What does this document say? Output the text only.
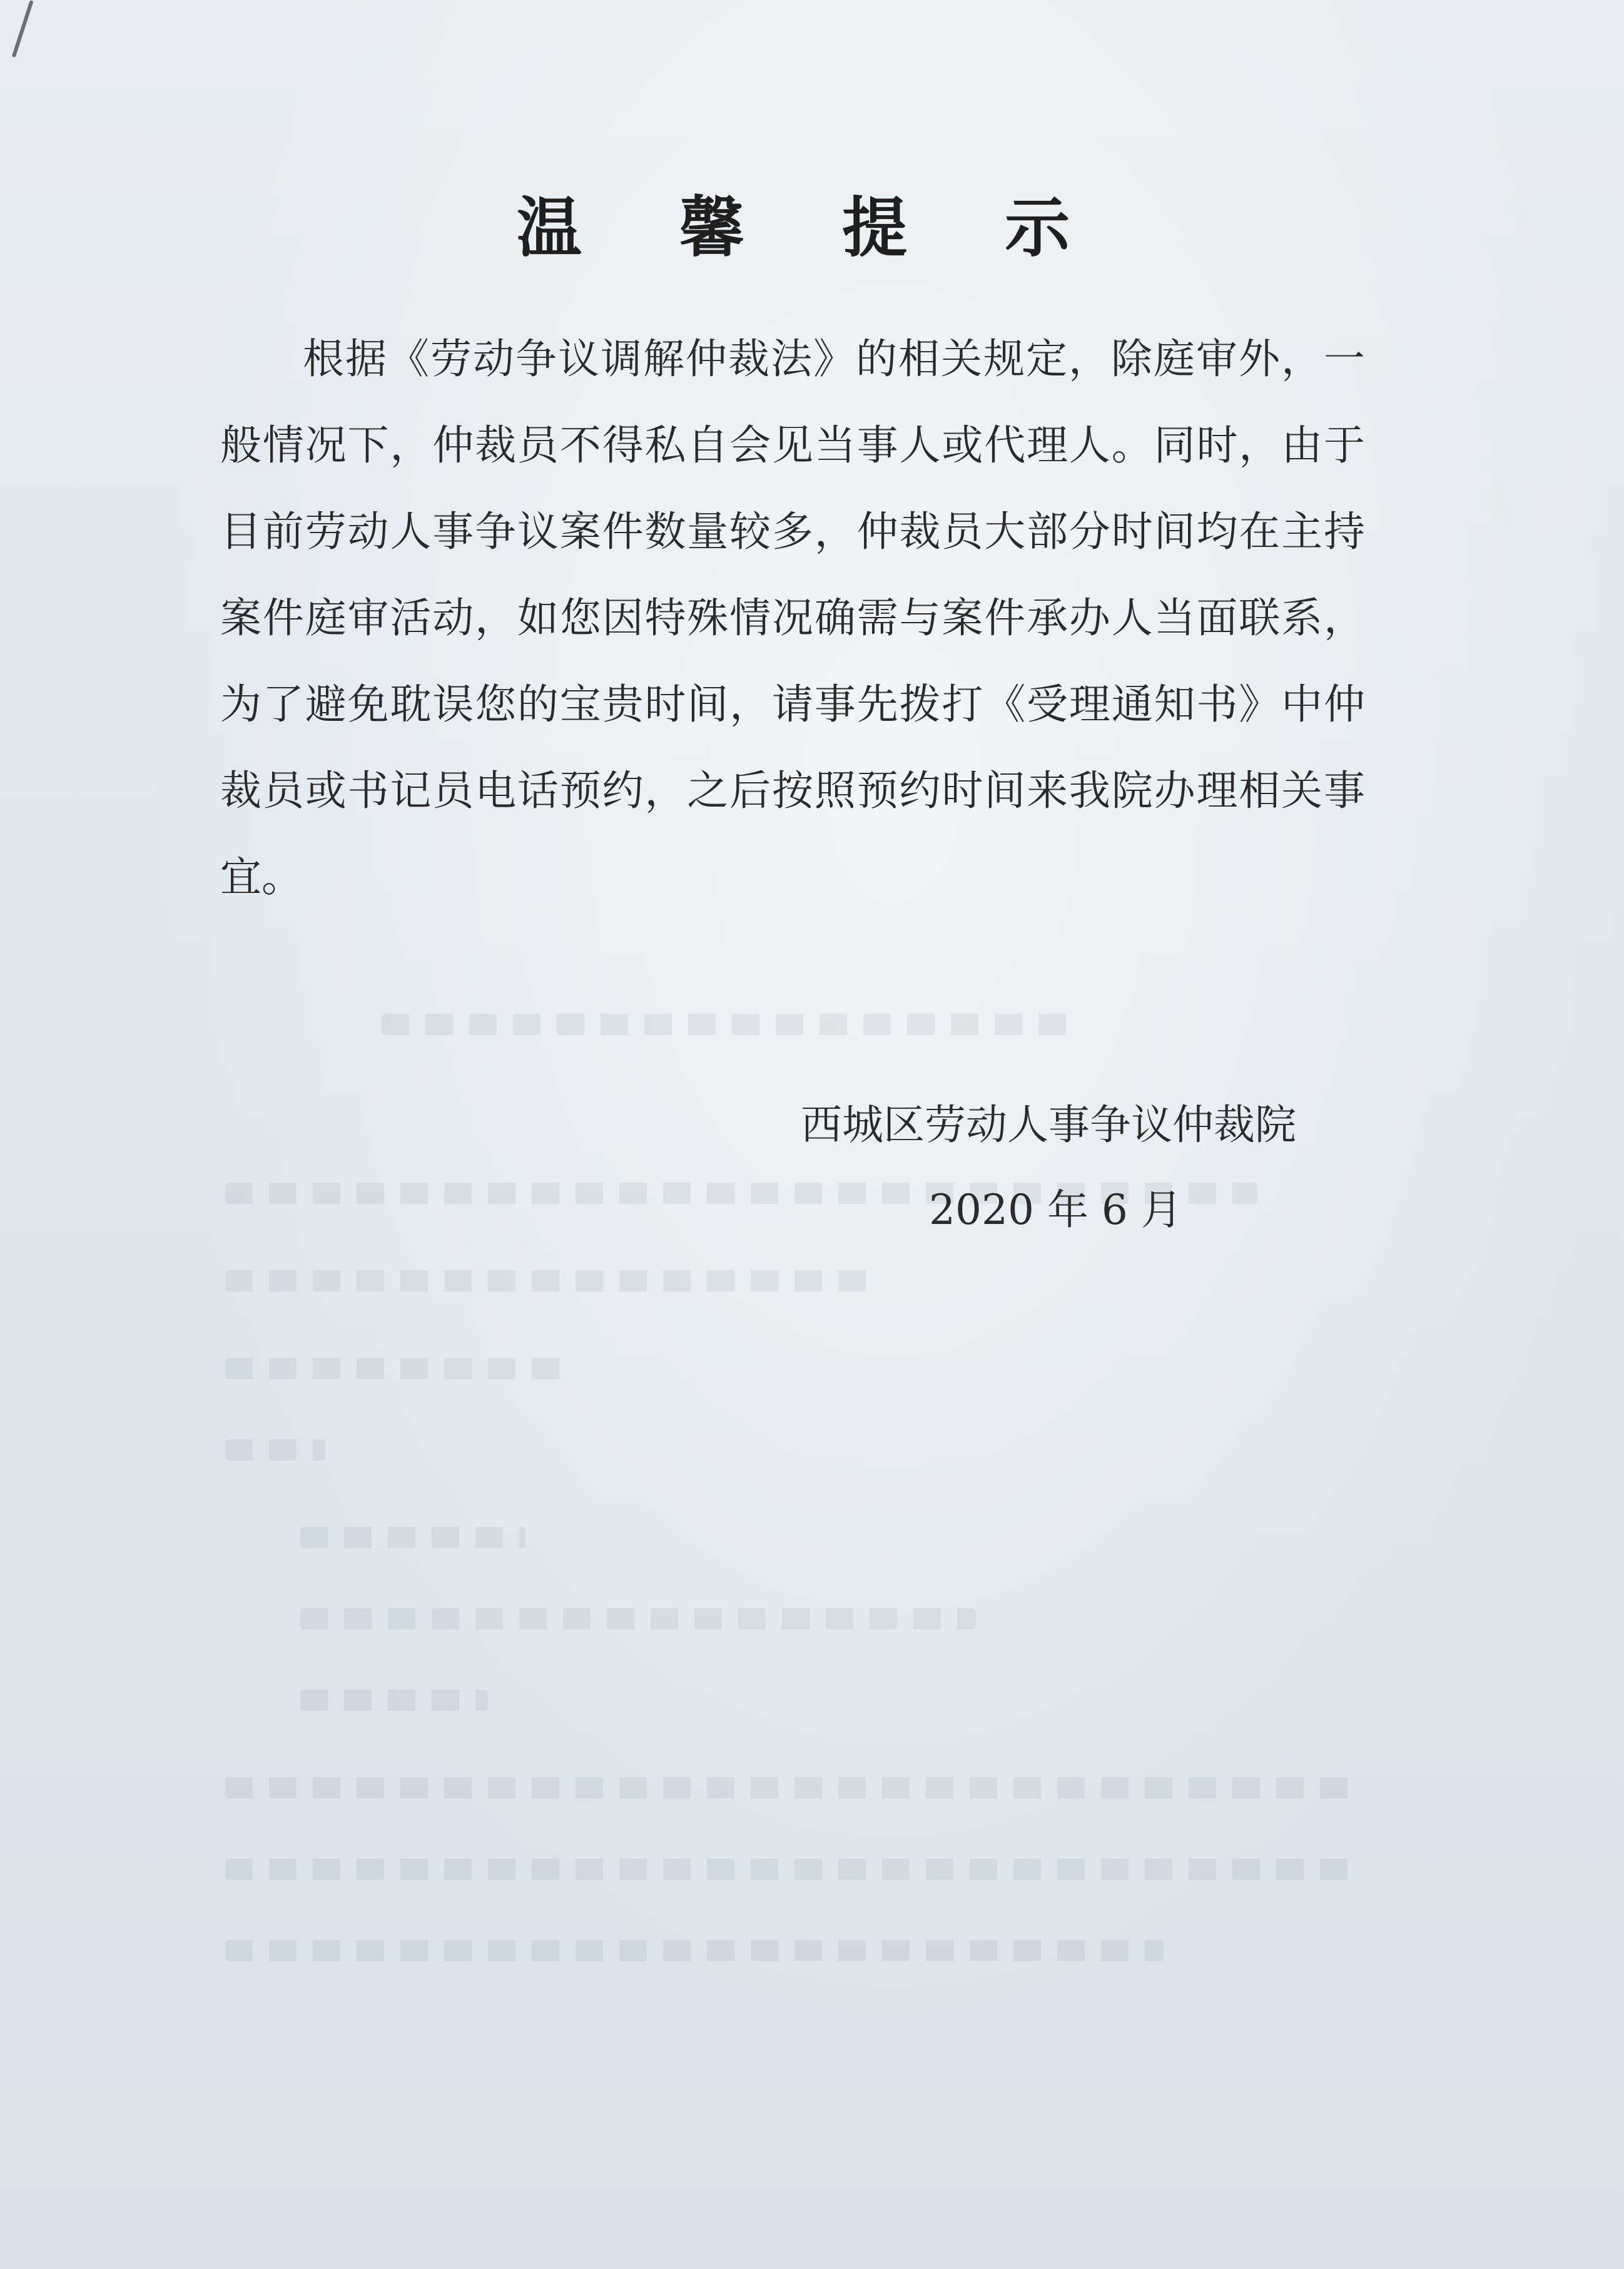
温 馨 提 示

根据《劳动争议调解仲裁法》的相关规定，除庭审外，一般情况下，仲裁员不得私自会见当事人或代理人。同时，由于目前劳动人事争议案件数量较多，仲裁员大部分时间均在主持案件庭审活动，如您因特殊情况确需与案件承办人当面联系，为了避免耽误您的宝贵时间，请事先拨打《受理通知书》中仲裁员或书记员电话预约，之后按照预约时间来我院办理相关事宜。

西城区劳动人事争议仲裁院
2020 年 6 月
